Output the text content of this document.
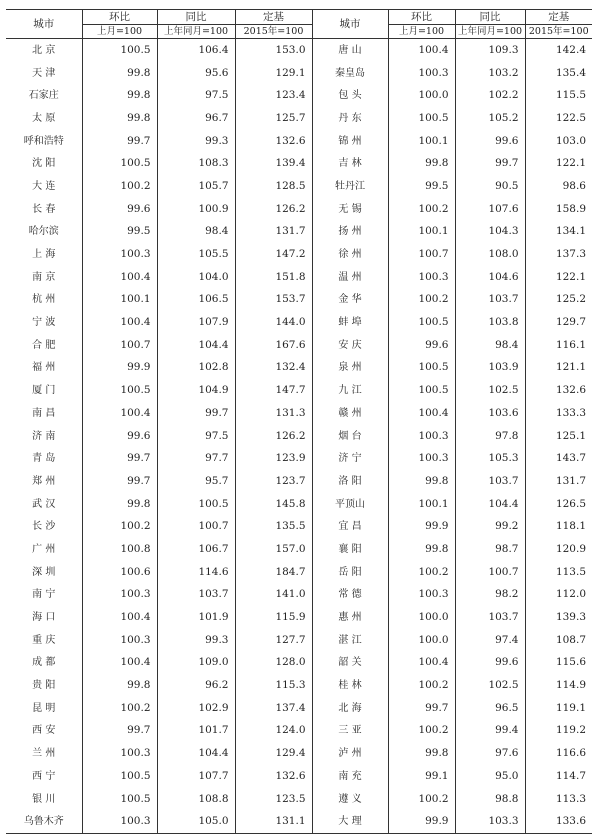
城市	环比	同比	定基	城市	环比	同比	定基
	上月=100	上年同月=100	2015年=100		上月=100	上年同月=100	2015年=100
北 京	100.5	106.4	153.0	唐 山	100.4	109.3	142.4
天 津	99.8	95.6	129.1	秦皇岛	100.3	103.2	135.4
石家庄	99.8	97.5	123.4	包 头	100.0	102.2	115.5
太 原	99.8	96.7	125.7	丹 东	100.5	105.2	122.5
呼和浩特	99.7	99.3	132.6	锦 州	100.1	99.6	103.0
沈 阳	100.5	108.3	139.4	吉 林	99.8	99.7	122.1
大 连	100.2	105.7	128.5	牡丹江	99.5	90.5	98.6
长 春	99.6	100.9	126.2	无 锡	100.2	107.6	158.9
哈尔滨	99.5	98.4	131.7	扬 州	100.1	104.3	134.1
上 海	100.3	105.5	147.2	徐 州	100.7	108.0	137.3
南 京	100.4	104.0	151.8	温 州	100.3	104.6	122.1
杭 州	100.1	106.5	153.7	金 华	100.2	103.7	125.2
宁 波	100.4	107.9	144.0	蚌 埠	100.5	103.8	129.7
合 肥	100.7	104.4	167.6	安 庆	99.6	98.4	116.1
福 州	99.9	102.8	132.4	泉 州	100.5	103.9	121.1
厦 门	100.5	104.9	147.7	九 江	100.5	102.5	132.6
南 昌	100.4	99.7	131.3	赣 州	100.4	103.6	133.3
济 南	99.6	97.5	126.2	烟 台	100.3	97.8	125.1
青 岛	99.7	97.7	123.9	济 宁	100.3	105.3	143.7
郑 州	99.7	95.7	123.7	洛 阳	99.8	103.7	131.7
武 汉	99.8	100.5	145.8	平顶山	100.1	104.4	126.5
长 沙	100.2	100.7	135.5	宜 昌	99.9	99.2	118.1
广 州	100.8	106.7	157.0	襄 阳	99.8	98.7	120.9
深 圳	100.6	114.6	184.7	岳 阳	100.2	100.7	113.5
南 宁	100.3	103.7	141.0	常 德	100.3	98.2	112.0
海 口	100.4	101.9	115.9	惠 州	100.0	103.7	139.3
重 庆	100.3	99.3	127.7	湛 江	100.0	97.4	108.7
成 都	100.4	109.0	128.0	韶 关	100.4	99.6	115.6
贵 阳	99.8	96.2	115.3	桂 林	100.2	102.5	114.9
昆 明	100.2	102.9	137.4	北 海	99.7	96.5	119.1
西 安	99.7	101.7	124.0	三 亚	100.2	99.4	119.2
兰 州	100.3	104.4	129.4	泸 州	99.8	97.6	116.6
西 宁	100.5	107.7	132.6	南 充	99.1	95.0	114.7
银 川	100.5	108.8	123.5	遵 义	100.2	98.8	113.3
乌鲁木齐	100.3	105.0	131.1	大 理	99.9	103.3	133.6
